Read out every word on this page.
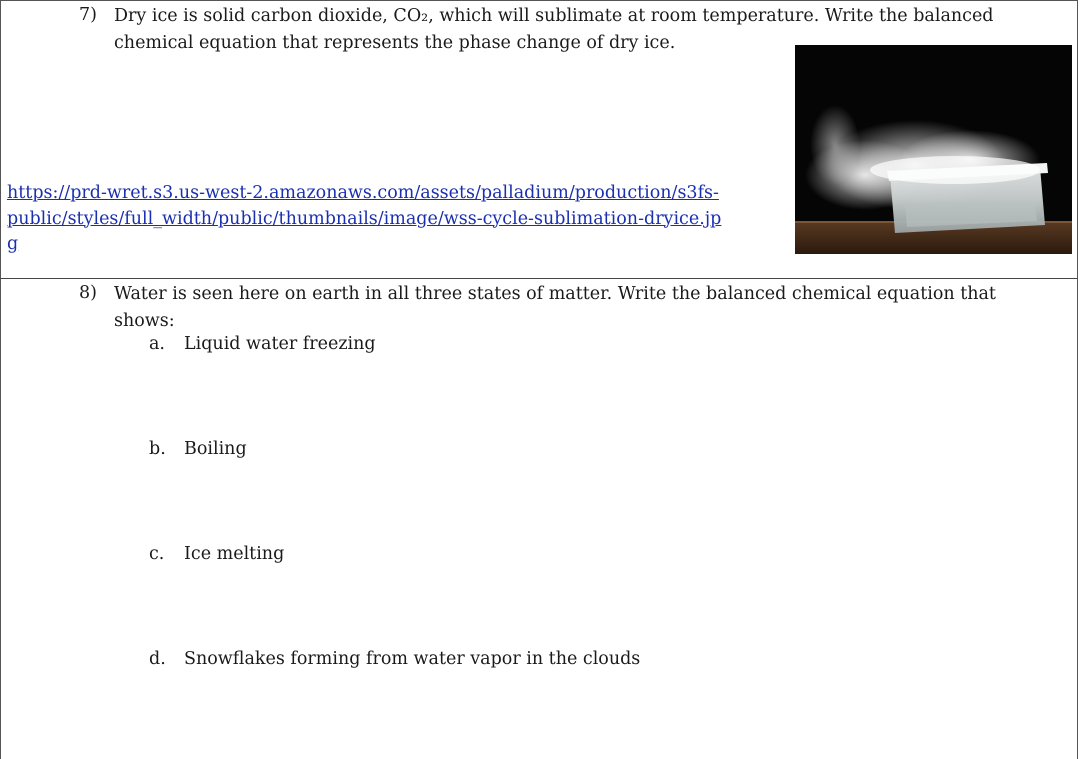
7) Dry ice is solid carbon dioxide, CO₂, which will sublimate at room temperature. Write the balanced
chemical equation that represents the phase change of dry ice.
https://prd-wret.s3.us-west-2.amazonaws.com/assets/palladium/production/s3fs-public/styles/full_width/public/thumbnails/image/wss-cycle-sublimation-dryice.jpg
8) Water is seen here on earth in all three states of matter. Write the balanced chemical equation that
shows:
a. Liquid water freezing
b. Boiling
c. Ice melting
d. Snowflakes forming from water vapor in the clouds
